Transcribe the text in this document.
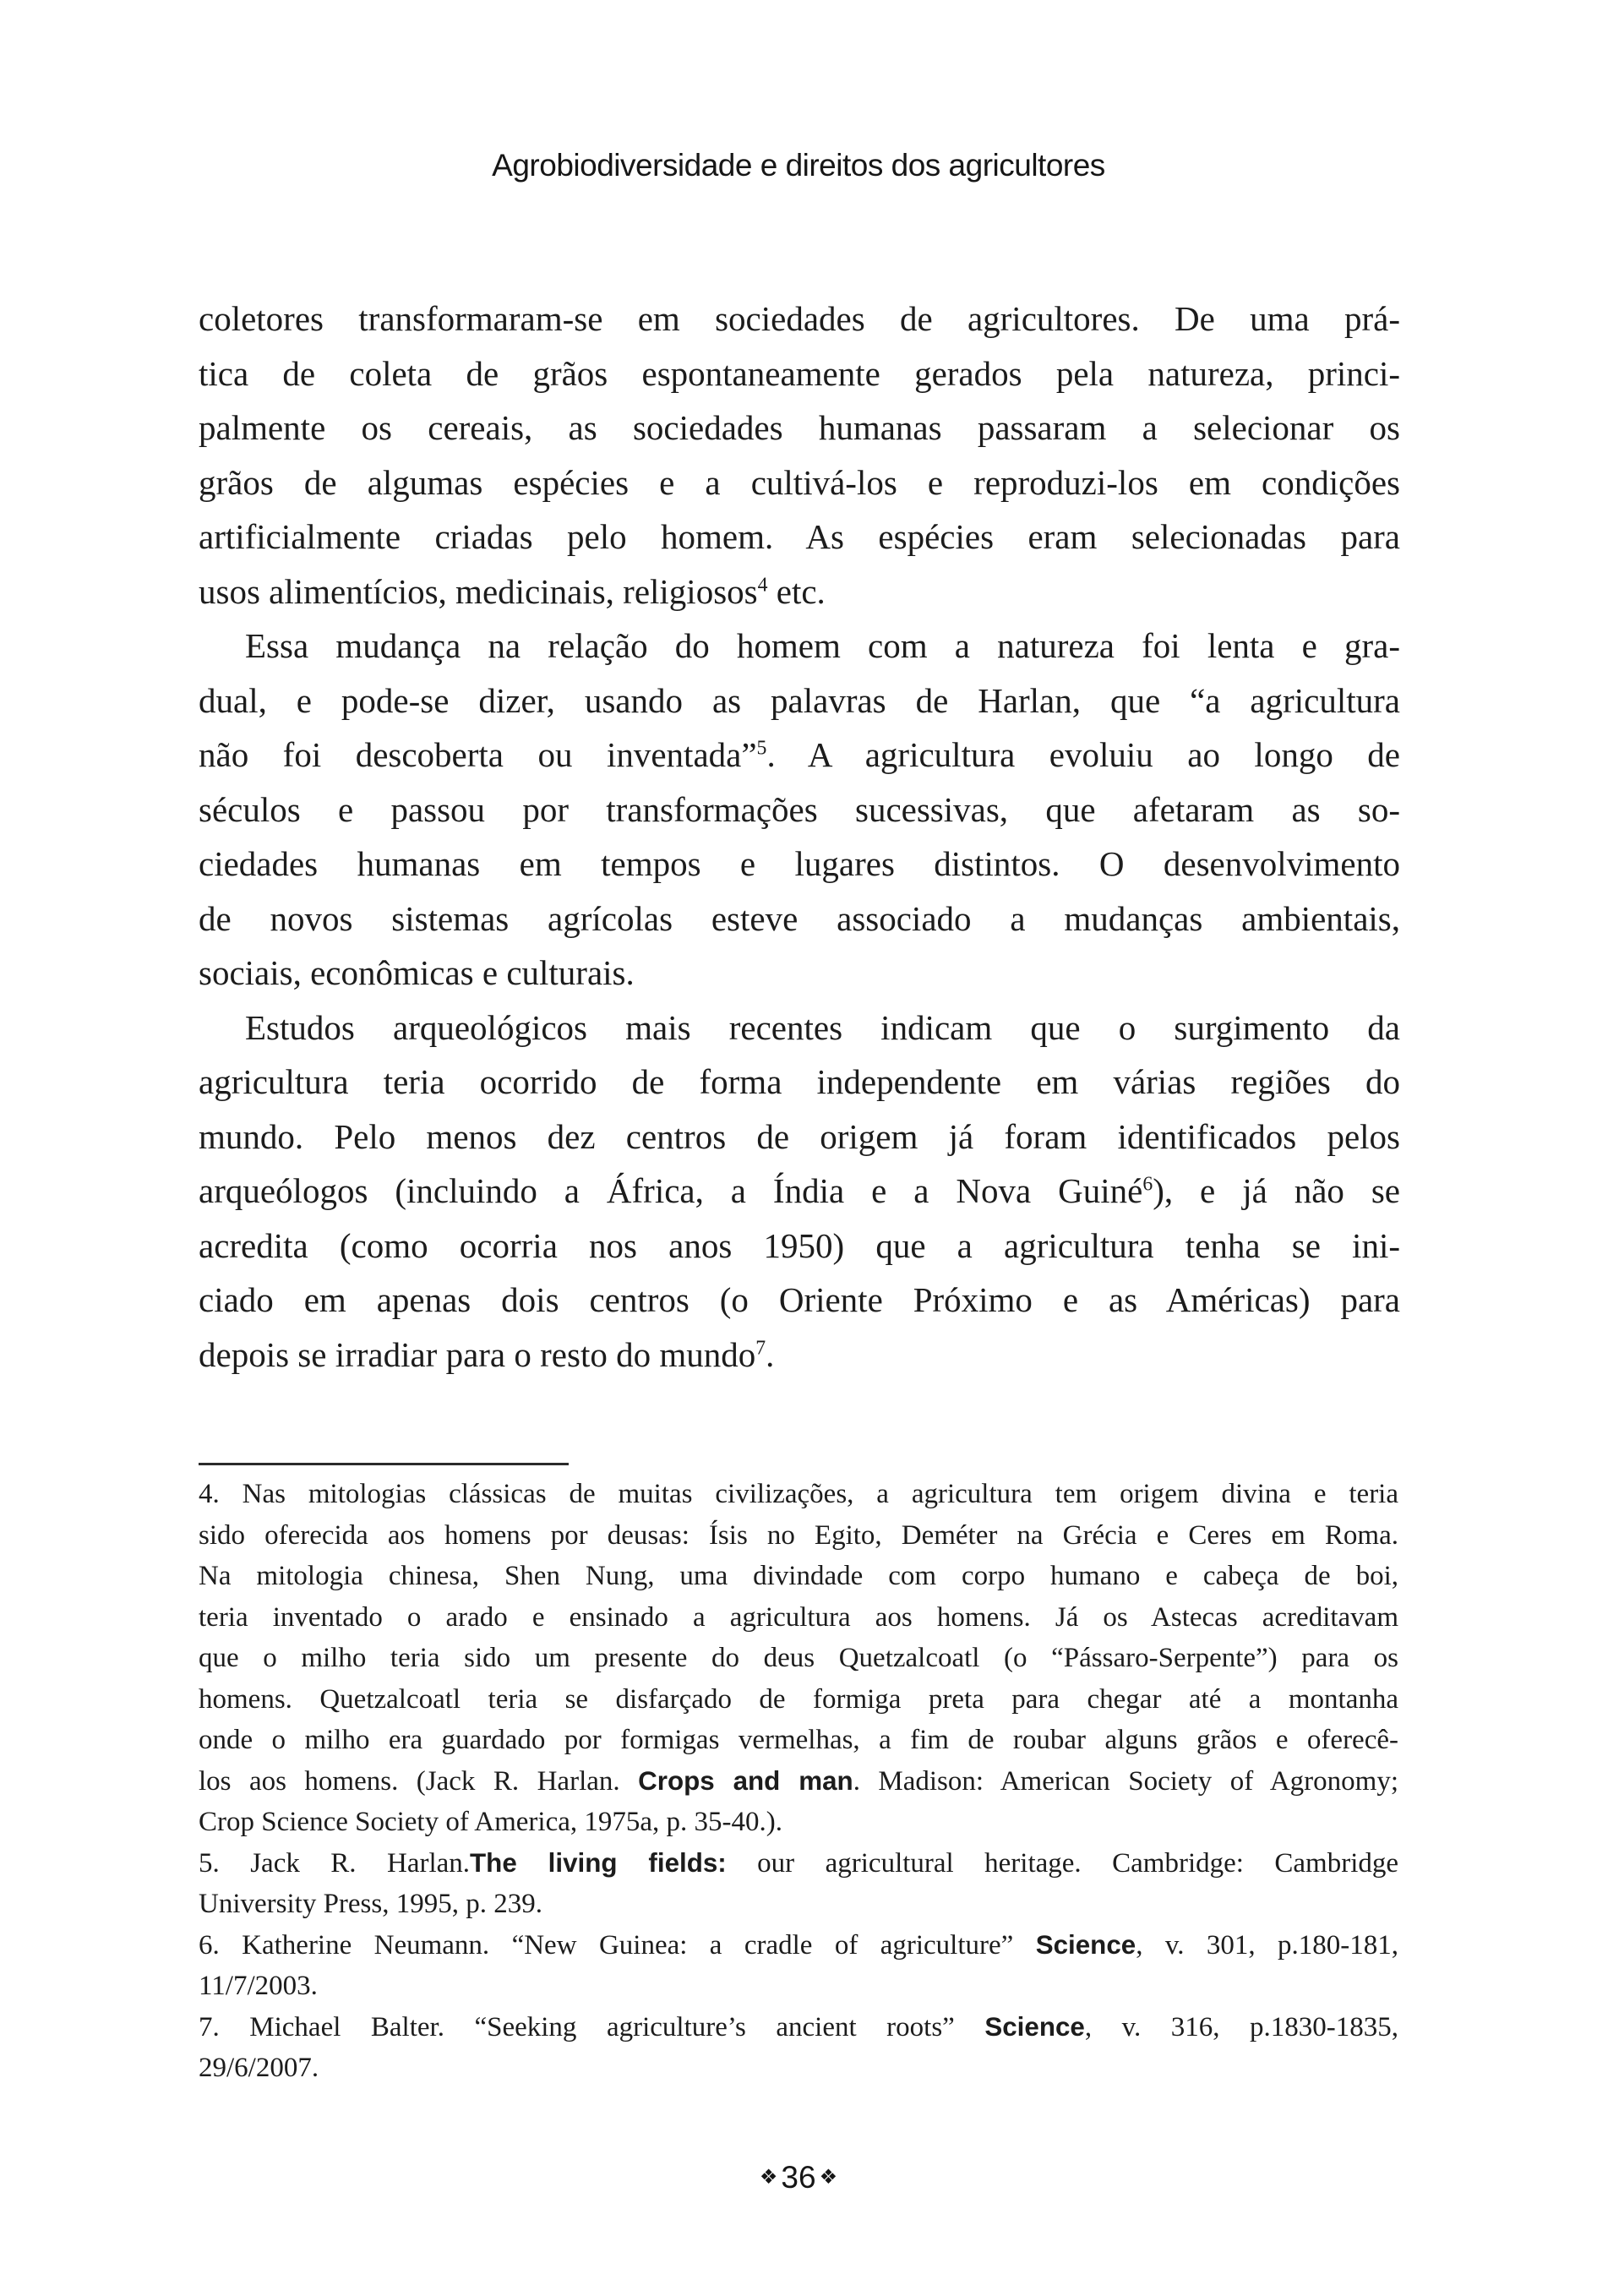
Agrobiodiversidade e direitos dos agricultores
coletores transformaram-se em sociedades de agricultores. De uma prá-
tica de coleta de grãos espontaneamente gerados pela natureza, princi-
palmente os cereais, as sociedades humanas passaram a selecionar os
grãos de algumas espécies e a cultivá-los e reproduzi-los em condições
artificialmente criadas pelo homem. As espécies eram selecionadas para
usos alimentícios, medicinais, religiosos$^4$ etc.
Essa mudança na relação do homem com a natureza foi lenta e gra-
dual, e pode-se dizer, usando as palavras de Harlan, que “a agricultura
não foi descoberta ou inventada”$^5$. A agricultura evoluiu ao longo de
séculos e passou por transformações sucessivas, que afetaram as so-
ciedades humanas em tempos e lugares distintos. O desenvolvimento
de novos sistemas agrícolas esteve associado a mudanças ambientais,
sociais, econômicas e culturais.
Estudos arqueológicos mais recentes indicam que o surgimento da
agricultura teria ocorrido de forma independente em várias regiões do
mundo. Pelo menos dez centros de origem já foram identificados pelos
arqueólogos (incluindo a África, a Índia e a Nova Guiné$^6$), e já não se
acredita (como ocorria nos anos 1950) que a agricultura tenha se ini-
ciado em apenas dois centros (o Oriente Próximo e as Américas) para
depois se irradiar para o resto do mundo$^7$.
4. Nas mitologias clássicas de muitas civilizações, a agricultura tem origem divina e teria
sido oferecida aos homens por deusas: Ísis no Egito, Deméter na Grécia e Ceres em Roma.
Na mitologia chinesa, Shen Nung, uma divindade com corpo humano e cabeça de boi,
teria inventado o arado e ensinado a agricultura aos homens. Já os Astecas acreditavam
que o milho teria sido um presente do deus Quetzalcoatl (o “Pássaro-Serpente”) para os
homens. Quetzalcoatl teria se disfarçado de formiga preta para chegar até a montanha
onde o milho era guardado por formigas vermelhas, a fim de roubar alguns grãos e oferecê-
los aos homens. (Jack R. Harlan. Crops and man. Madison: American Society of Agronomy;
Crop Science Society of America, 1975a, p. 35-40.).
5. Jack R. Harlan.The living fields: our agricultural heritage. Cambridge: Cambridge
University Press, 1995, p. 239.
6. Katherine Neumann. “New Guinea: a cradle of agriculture” Science, v. 301, p.180-181,
11/7/2003.
7. Michael Balter. “Seeking agriculture’s ancient roots” Science, v. 316, p.1830-1835,
29/6/2007.
❖ 36 ❖
